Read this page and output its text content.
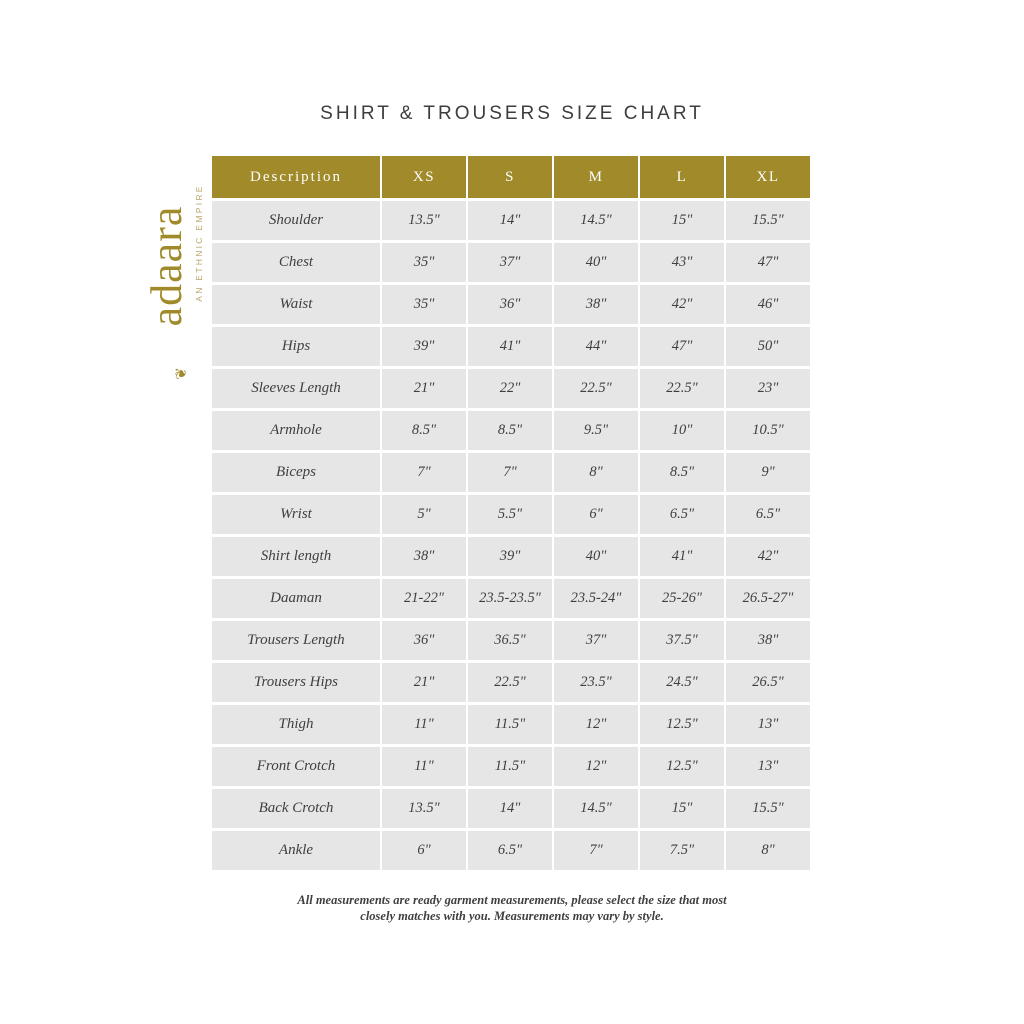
SHIRT & TROUSERS SIZE CHART
adaara AN ETHNIC EMPIRE
❦
Description	XS	S	M	L	XL
Shoulder	13.5"	14"	14.5"	15"	15.5"
Chest	35"	37"	40"	43"	47"
Waist	35"	36"	38"	42"	46"
Hips	39"	41"	44"	47"	50"
Sleeves Length	21"	22"	22.5"	22.5"	23"
Armhole	8.5"	8.5"	9.5"	10"	10.5"
Biceps	7"	7"	8"	8.5"	9"
Wrist	5"	5.5"	6"	6.5"	6.5"
Shirt length	38"	39"	40"	41"	42"
Daaman	21-22"	23.5-23.5"	23.5-24"	25-26"	26.5-27"
Trousers Length	36"	36.5"	37"	37.5"	38"
Trousers Hips	21"	22.5"	23.5"	24.5"	26.5"
Thigh	11"	11.5"	12"	12.5"	13"
Front Crotch	11"	11.5"	12"	12.5"	13"
Back Crotch	13.5"	14"	14.5"	15"	15.5"
Ankle	6"	6.5"	7"	7.5"	8"
All measurements are ready garment measurements, please select the size that most
closely matches with you. Measurements may vary by style.
